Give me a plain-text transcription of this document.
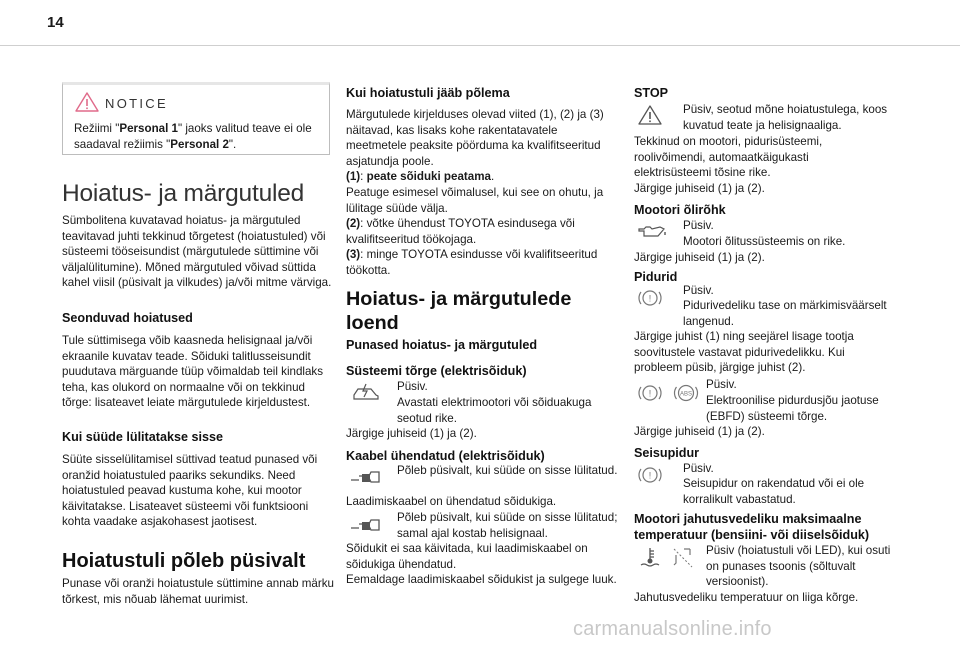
14
NOTICE
Režiimi "Personal 1" jaoks valitud teave ei ole saadaval režiimis "Personal 2".
Hoiatus- ja märgutuled
Sümbolitena kuvatavad hoiatus- ja märgutuled teavitavad juhti tekkinud tõrgetest (hoiatustuled) või süsteemi tööseisundist (märgutulede süttimine või väljalülitumine). Mõned märgutuled võivad süttida kahel viisil (püsivalt ja vilkudes) ja/või mitme värviga.
Seonduvad hoiatused
Tule süttimisega võib kaasneda helisignaal ja/või ekraanile kuvatav teade. Sõiduki talitlusseisundit puudutava märguande tüüp võimaldab teil kindlaks teha, kas olukord on normaalne või on tekkinud tõrge: lisateavet leiate märgutulede kirjeldustest.
Kui süüde lülitatakse sisse
Süüte sisselülitamisel süttivad teatud punased või oranžid hoiatustuled paariks sekundiks. Need hoiatustuled peavad kustuma kohe, kui mootor käivitatakse. Lisateavet süsteemi või funktsiooni kohta vaadake asjakohasest jaotisest.
Hoiatustuli põleb püsivalt
Punase või oranži hoiatustule süttimine annab märku tõrkest, mis nõuab lähemat uurimist.
Kui hoiatustuli jääb põlema
Märgutulede kirjelduses olevad viited (1), (2) ja (3) näitavad, kas lisaks kohe rakentatavatele meetmetele peaksite pöörduma ka kvalifitseeritud asjatundja poole.
(1): peate sõiduki peatama.
Peatuge esimesel võimalusel, kui see on ohutu, ja lülitage süüde välja.
(2): võtke ühendust TOYOTA esindusega või kvalifitseeritud töökojaga.
(3): minge TOYOTA esindusse või kvalifitseeritud töökotta.
Hoiatus- ja märgutulede loend
Punased hoiatus- ja märgutuled
Süsteemi tõrge (elektrisõiduk)
Püsiv.
Avastati elektrimootori või sõiduakuga seotud rike.
Järgige juhiseid (1) ja (2).
Kaabel ühendatud (elektrisõiduk)
Põleb püsivalt, kui süüde on sisse lülitatud.
Laadimiskaabel on ühendatud sõidukiga.
Põleb püsivalt, kui süüde on sisse lülitatud; samal ajal kostab helisignaal.
Sõidukit ei saa käivitada, kui laadimiskaabel on sõidukiga ühendatud.
Eemaldage laadimiskaabel sõidukist ja sulgege luuk.
STOP
Püsiv, seotud mõne hoiatustulega, koos kuvatud teate ja helisignaaliga.
Tekkinud on mootori, pidurisüsteemi, roolivõimendi, automaatkäigukasti elektrisüsteemi tõsine rike.
Järgige juhiseid (1) ja (2).
Mootori õlirõhk
Püsiv.
Mootori õlitussüsteemis on rike.
Järgige juhiseid (1) ja (2).
Pidurid
!
Püsiv.
Pidurivedeliku tase on märkimisväärselt langenud.
Järgige juhist (1) ning seejärel lisage tootja soovitustele vastavat pidurivedelikku. Kui probleem püsib, järgige juhist (2).
!	ABS
Püsiv.
Elektroonilise pidurdusjõu jaotuse (EBFD) süsteemi tõrge.
Järgige juhiseid (1) ja (2).
Seisupidur
!
Püsiv.
Seisupidur on rakendatud või ei ole korralikult vabastatud.
Mootori jahutusvedeliku maksimaalne temperatuur (bensiini- või diiselsõiduk)
Püsiv (hoiatustuli või LED), kui osuti on punases tsoonis (sõltuvalt versioonist).
Jahutusvedeliku temperatuur on liiga kõrge.
carmanualsonline.info
